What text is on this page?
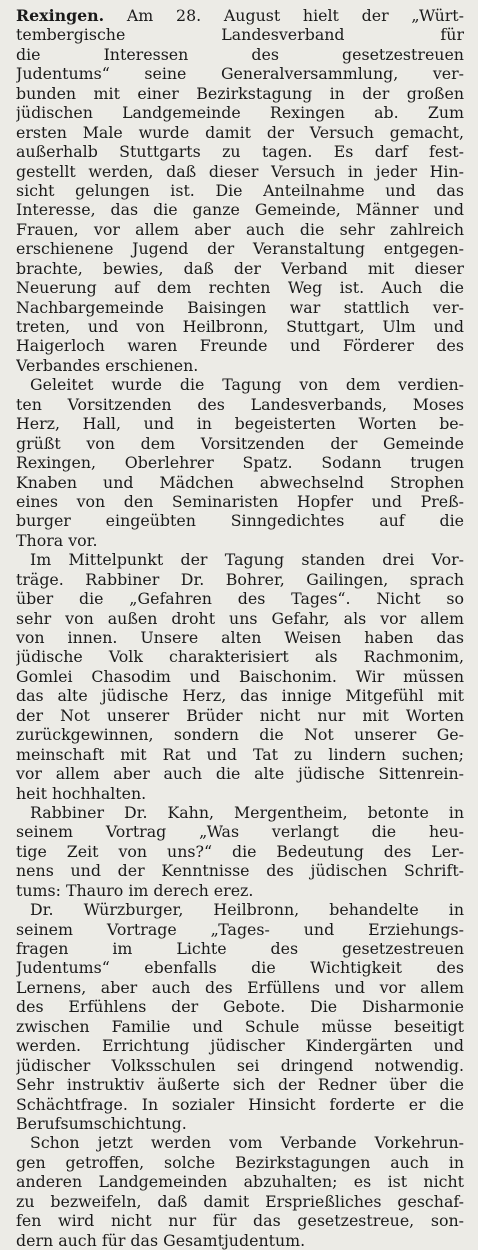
Rexingen. Am 28. August hielt der „Würt-
tembergische Landesverband für
die Interessen des gesetzestreuen
Judentums“ seine Generalversammlung, ver-
bunden mit einer Bezirkstagung in der großen
jüdischen Landgemeinde Rexingen ab. Zum
ersten Male wurde damit der Versuch gemacht,
außerhalb Stuttgarts zu tagen. Es darf fest-
gestellt werden, daß dieser Versuch in jeder Hin-
sicht gelungen ist. Die Anteilnahme und das
Interesse, das die ganze Gemeinde, Männer und
Frauen, vor allem aber auch die sehr zahlreich
erschienene Jugend der Veranstaltung entgegen-
brachte, bewies, daß der Verband mit dieser
Neuerung auf dem rechten Weg ist. Auch die
Nachbargemeinde Baisingen war stattlich ver-
treten, und von Heilbronn, Stuttgart, Ulm und
Haigerloch waren Freunde und Förderer des
Verbandes erschienen.
Geleitet wurde die Tagung von dem verdien-
ten Vorsitzenden des Landesverbands, Moses
Herz, Hall, und in begeisterten Worten be-
grüßt von dem Vorsitzenden der Gemeinde
Rexingen, Oberlehrer Spatz. Sodann trugen
Knaben und Mädchen abwechselnd Strophen
eines von den Seminaristen Hopfer und Preß-
burger eingeübten Sinngedichtes auf die
Thora vor.
Im Mittelpunkt der Tagung standen drei Vor-
träge. Rabbiner Dr. Bohrer, Gailingen, sprach
über die „Gefahren des Tages“. Nicht so
sehr von außen droht uns Gefahr, als vor allem
von innen. Unsere alten Weisen haben das
jüdische Volk charakterisiert als Rachmonim,
Gomlei Chasodim und Baischonim. Wir müssen
das alte jüdische Herz, das innige Mitgefühl mit
der Not unserer Brüder nicht nur mit Worten
zurückgewinnen, sondern die Not unserer Ge-
meinschaft mit Rat und Tat zu lindern suchen;
vor allem aber auch die alte jüdische Sittenrein-
heit hochhalten.
Rabbiner Dr. Kahn, Mergentheim, betonte in
seinem Vortrag „Was verlangt die heu-
tige Zeit von uns?“ die Bedeutung des Ler-
nens und der Kenntnisse des jüdischen Schrift-
tums: Thauro im derech erez.
Dr. Würzburger, Heilbronn, behandelte in
seinem Vortrage „Tages- und Erziehungs-
fragen im Lichte des gesetzestreuen
Judentums“ ebenfalls die Wichtigkeit des
Lernens, aber auch des Erfüllens und vor allem
des Erfühlens der Gebote. Die Disharmonie
zwischen Familie und Schule müsse beseitigt
werden. Errichtung jüdischer Kindergärten und
jüdischer Volksschulen sei dringend notwendig.
Sehr instruktiv äußerte sich der Redner über die
Schächtfrage. In sozialer Hinsicht forderte er die
Berufsumschichtung.
Schon jetzt werden vom Verbande Vorkehrun-
gen getroffen, solche Bezirkstagungen auch in
anderen Landgemeinden abzuhalten; es ist nicht
zu bezweifeln, daß damit Ersprießliches geschaf-
fen wird nicht nur für das gesetzestreue, son-
dern auch für das Gesamtjudentum.
